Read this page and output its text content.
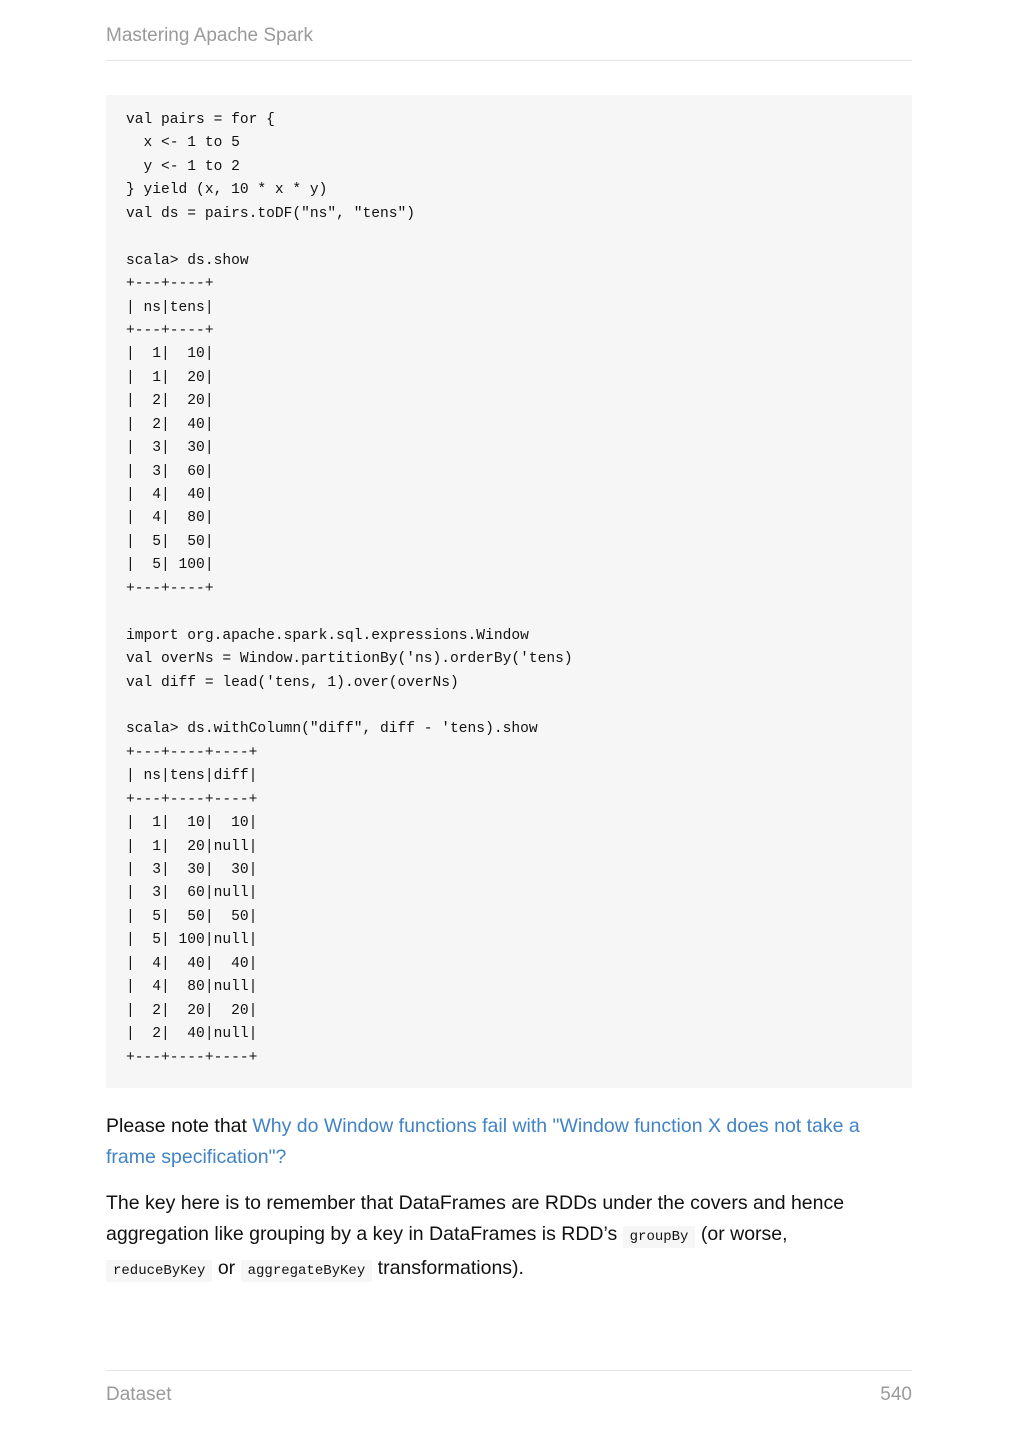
Mastering Apache Spark
val pairs = for {
x <- 1 to 5
y <- 1 to 2
} yield (x, 10 * x * y)
val ds = pairs.toDF("ns", "tens")

scala> ds.show
+---+----+
| ns|tens|
+---+----+
|  1|  10|
|  1|  20|
|  2|  20|
|  2|  40|
|  3|  30|
|  3|  60|
|  4|  40|
|  4|  80|
|  5|  50|
|  5| 100|
+---+----+

import org.apache.spark.sql.expressions.Window
val overNs = Window.partitionBy('ns).orderBy('tens)
val diff = lead('tens, 1).over(overNs)

scala> ds.withColumn("diff", diff - 'tens).show
+---+----+----+
| ns|tens|diff|
+---+----+----+
|  1|  10|  10|
|  1|  20|null|
|  3|  30|  30|
|  3|  60|null|
|  5|  50|  50|
|  5| 100|null|
|  4|  40|  40|
|  4|  80|null|
|  2|  20|  20|
|  2|  40|null|
+---+----+----+

Please note that Why do Window functions fail with "Window function X does not take a frame specification"?

The key here is to remember that DataFrames are RDDs under the covers and hence aggregation like grouping by a key in DataFrames is RDD’s groupBy (or worse,
reduceByKey or aggregateByKey transformations).

Dataset	540
